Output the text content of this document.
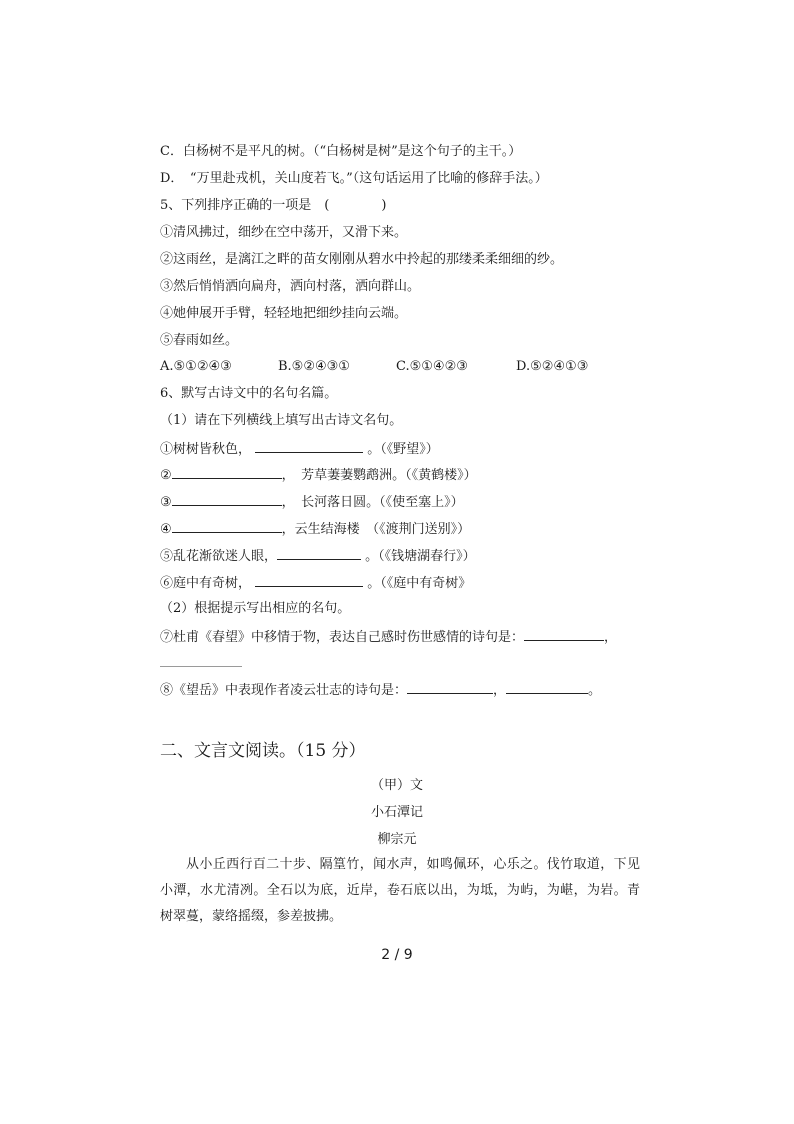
C．白杨树不是平凡的树。（“白杨树是树”是这个句子的主干。）
D．　“万里赴戎机，关山度若飞。”（这句话运用了比喻的修辞手法。）
5、下列排序正确的一项是　(　　　　)
①清风拂过，细纱在空中荡开，又滑下来。
②这雨丝，是漓江之畔的苗女刚刚从碧水中拎起的那缕柔柔细细的纱。
③然后悄悄洒向扁舟，洒向村落，洒向群山。
④她伸展开手臂，轻轻地把细纱挂向云端。
⑤春雨如丝。
A.⑤①②④③	B.⑤②④③①	C.⑤①④②③	D.⑤②④①③
6、默写古诗文中的名句名篇。
（1）请在下列横线上填写出古诗文名句。
①树树皆秋色，	。（《野望》）
②	，　芳草萋萋鹦鹉洲。（《黄鹤楼》）
③	，　长河落日圆。（《使至塞上》）
④	，云生结海楼　（《渡荆门送别》）
⑤乱花渐欲迷人眼，	。（《钱塘湖春行》）
⑥庭中有奇树，	。（《庭中有奇树》
（2）根据提示写出相应的名句。
⑦杜甫《春望》中移情于物，表达自己感时伤世感情的诗句是：	，
⑧《望岳》中表现作者凌云壮志的诗句是：	，	。
二、文言文阅读。（15 分）
（甲）文
小石潭记
柳宗元
从小丘西行百二十步、隔篁竹，闻水声，如鸣佩环，心乐之。伐竹取道，下见小潭，水尤清冽。全石以为底，近岸，卷石底以出，为坻，为屿，为嵁，为岩。青树翠蔓，蒙络摇缀，参差披拂。
2 / 9
